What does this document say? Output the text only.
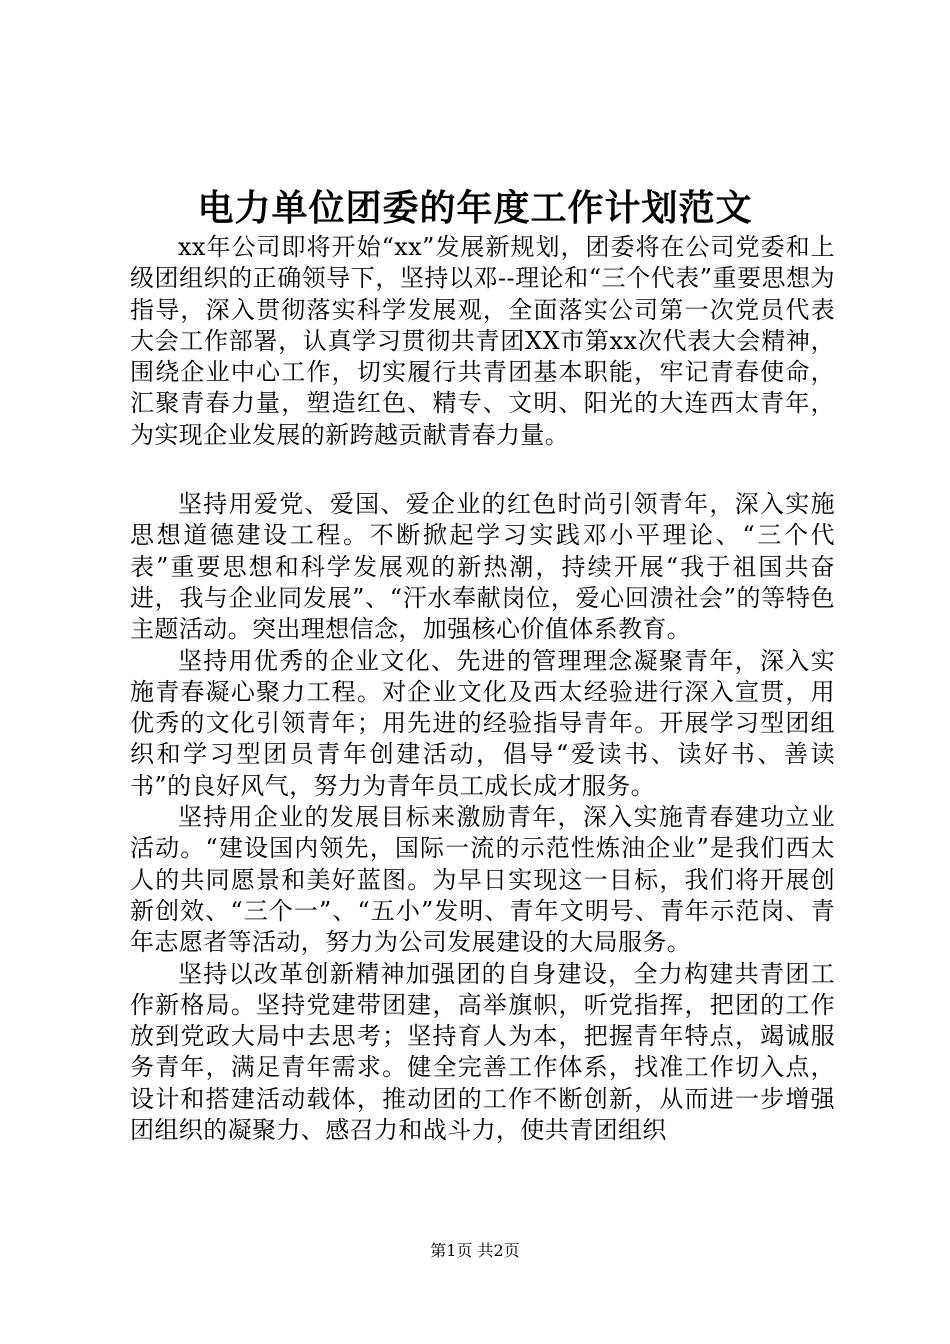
电力单位团委的年度工作计划范文

xx年公司即将开始“xx”发展新规划，团委将在公司党委和上级团组织的正确领导下，坚持以邓--理论和“三个代表”重要思想为指导，深入贯彻落实科学发展观，全面落实公司第一次党员代表大会工作部署，认真学习贯彻共青团XX市第xx次代表大会精神，围绕企业中心工作，切实履行共青团基本职能，牢记青春使命，汇聚青春力量，塑造红色、精专、文明、阳光的大连西太青年，为实现企业发展的新跨越贡献青春力量。

坚持用爱党、爱国、爱企业的红色时尚引领青年，深入实施思想道德建设工程。不断掀起学习实践邓小平理论、“三个代表”重要思想和科学发展观的新热潮，持续开展“我于祖国共奋进，我与企业同发展”、“汗水奉献岗位，爱心回溃社会”的等特色主题活动。突出理想信念，加强核心价值体系教育。

坚持用优秀的企业文化、先进的管理理念凝聚青年，深入实施青春凝心聚力工程。对企业文化及西太经验进行深入宣贯，用优秀的文化引领青年；用先进的经验指导青年。开展学习型团组织和学习型团员青年创建活动，倡导“爱读书、读好书、善读书”的良好风气，努力为青年员工成长成才服务。

坚持用企业的发展目标来激励青年，深入实施青春建功立业活动。“建设国内领先，国际一流的示范性炼油企业”是我们西太人的共同愿景和美好蓝图。为早日实现这一目标，我们将开展创新创效、“三个一”、“五小”发明、青年文明号、青年示范岗、青年志愿者等活动，努力为公司发展建设的大局服务。

坚持以改革创新精神加强团的自身建设，全力构建共青团工作新格局。坚持党建带团建，高举旗帜，听党指挥，把团的工作放到党政大局中去思考；坚持育人为本，把握青年特点，竭诚服务青年，满足青年需求。健全完善工作体系，找准工作切入点，设计和搭建活动载体，推动团的工作不断创新，从而进一步增强团组织的凝聚力、感召力和战斗力，使共青团组织

第1页 共2页
